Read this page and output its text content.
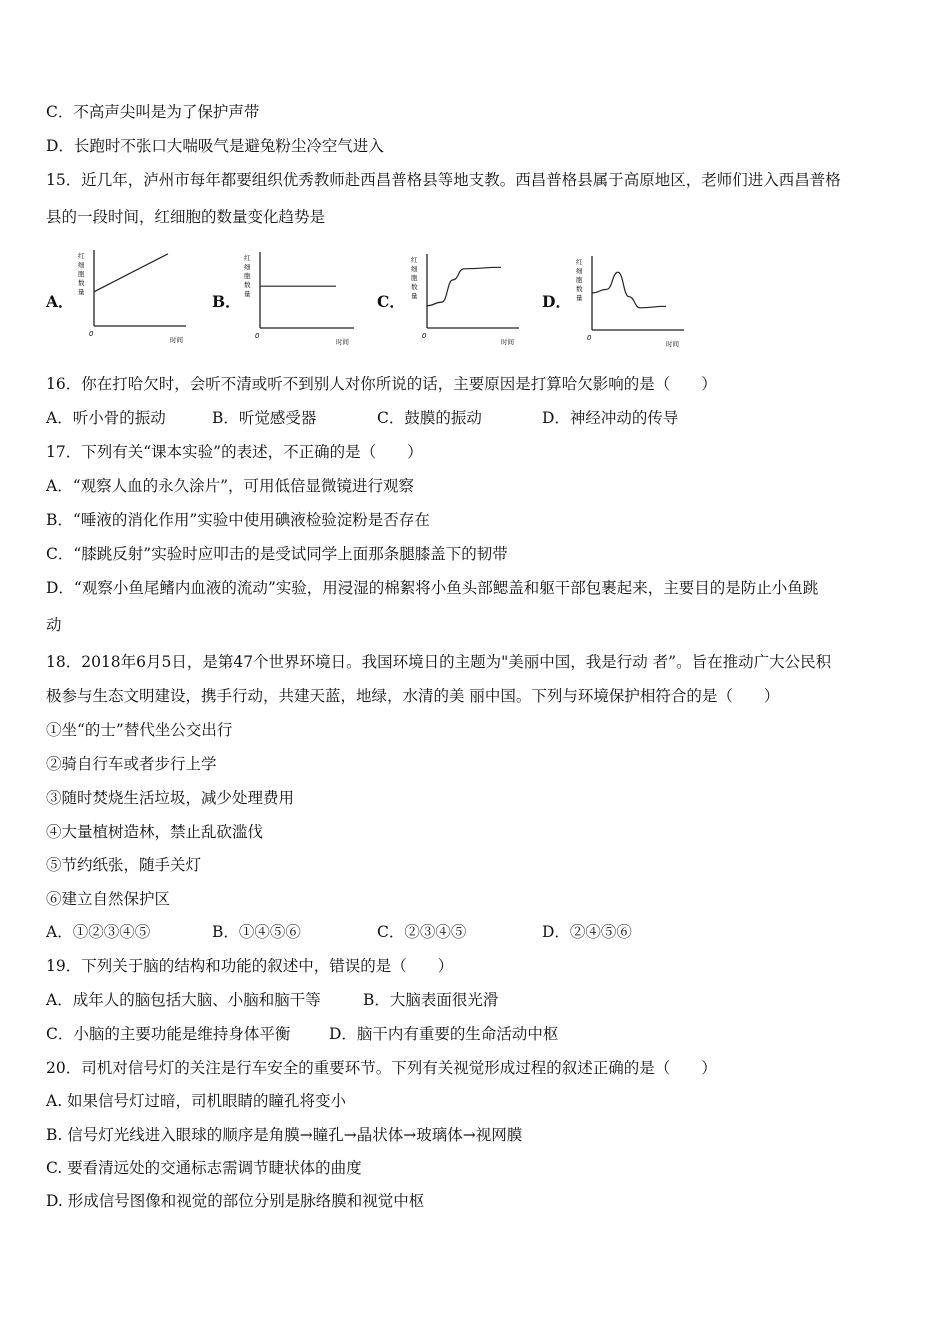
C．不高声尖叫是为了保护声带
D．长跑时不张口大喘吸气是避兔粉尘冷空气进入
15．近几年，泸州市每年都要组织优秀教师赴西昌普格县等地支教。西昌普格县属于高原地区，老师们进入西昌普格
县的一段时间，红细胞的数量变化趋势是
A．	B．	C．	D．
红
细
胞
数
量
0
时间
红
细
胞
数
量
0
时间
红
细
胞
数
量
0
时间
红
细
胞
数
量
0
时间
16．你在打哈欠时，会听不清或听不到别人对你所说的话，主要原因是打算哈欠影响的是（　　）
A．听小骨的振动	B．听觉感受器	C．鼓膜的振动	D．神经冲动的传导
17．下列有关“课本实验”的表述，不正确的是（　　）
A．“观察人血的永久涂片”，可用低倍显微镜进行观察
B．“唾液的消化作用”实验中使用碘液检验淀粉是否存在
C．“膝跳反射”实验时应叩击的是受试同学上面那条腿膝盖下的韧带
D．“观察小鱼尾鳍内血液的流动”实验，用浸湿的棉絮将小鱼头部鳃盖和躯干部包裹起来，主要目的是防止小鱼跳
动
18．2018年6月5日，是第47个世界环境日。我国环境日的主题为"美丽中国，我是行动 者”。旨在推动广大公民积
极参与生态文明建设，携手行动，共建天蓝，地绿，水清的美 丽中国。下列与环境保护相符合的是（　　）
①坐“的士”替代坐公交出行
②骑自行车或者步行上学
③随时焚烧生活垃圾，减少处理费用
④大量植树造林，禁止乱砍滥伐
⑤节约纸张，随手关灯
⑥建立自然保护区
A．①②③④⑤	B．①④⑤⑥	C．②③④⑤	D．②④⑤⑥
19．下列关于脑的结构和功能的叙述中，错误的是（　　）
A．成年人的脑包括大脑、小脑和脑干等	B．大脑表面很光滑
C．小脑的主要功能是维持身体平衡 D．脑干内有重要的生命活动中枢
20．司机对信号灯的关注是行车安全的重要环节。下列有关视觉形成过程的叙述正确的是（　　）
A. 如果信号灯过暗，司机眼睛的瞳孔将变小
B. 信号灯光线进入眼球的顺序是角膜→瞳孔→晶状体→玻璃体→视网膜
C. 要看清远处的交通标志需调节睫状体的曲度
D. 形成信号图像和视觉的部位分别是脉络膜和视觉中枢
